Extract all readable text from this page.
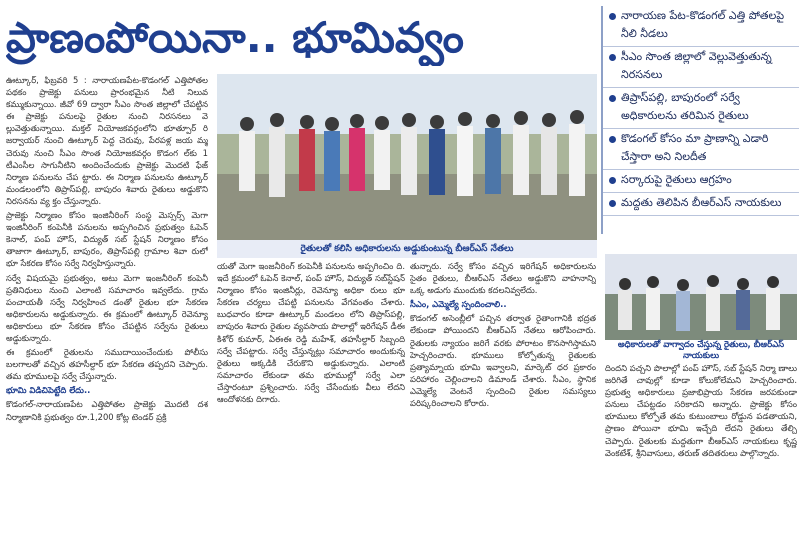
ప్రాణంపోయినా.. భూమివ్వం

ఊట్కూర్, ఫిబ్రవరి 5 : నారాయణపేట-కొడంగల్ ఎత్తిపోతల పథకం ప్రాజెక్టు పనులు ప్రారంభమైన నీటి నిలువ కమ్ముకున్నాయి. జీవో 69 ద్వారా సీఎం సొంత జిల్లాలో చేపట్టిన ఈ ప్రాజెక్టు పనులపై రైతుల నుంచి నిరసనలు వె ల్లువెత్తుతున్నాయి. మక్తల్ నియోజకవర్గంలోని భూత్పూర్ రి జర్వాయర్ నుంచి ఊట్కూర్ పెద్ద చెరువు, పేరపళ్ల జయ మ్మ చెరువు నుంచి సీఎం సొంత నియోజకవర్గం కొడంగ ల్‌కు 1 టీఎంసీల సాగునీటిని అందించేందుకు ప్రాజెక్టు మొదటి ఫేజ్ నిర్మాణ పనులను చేప ట్టారు. ఈ నిర్మాణ పనులను ఊట్కూర్ మండలంలోని తిప్రాస్‌పల్లి, బాపురం శివారు రైతులు అడ్డుకొని నిరసనను వ్య క్తం చేస్తున్నారు.

ప్రాజెక్టు నిర్మాణం కోసం ఇంజినీరింగ్ సంస్థ మెస్సర్స్ మెగా ఇంజినీరింగ్ కంపెనీకి పనులను అప్పగించిన ప్రభుత్వం ఓపెన్ కెనాల్, పంప్ హౌస్, విద్యుత్ సబ్ స్టేషన్ నిర్మాణం కోసం తాజాగా ఊట్కూర్, బాపురం, తిప్రాస్‌పల్లి గ్రామాల శివా రులో భూ సేకరణ కోసం సర్వే నిర్వహిస్తున్నారు.

సర్వే విషయమై ప్రభుత్వం, అటు మెగా ఇంజనీరింగ్ కంపెనీ ప్రతినిధులు నుంచి ఎలాంటి సమాచారం ఇవ్వలేదు. గ్రామ పంచాయతీ సర్వే నిర్వహించ డంతో రైతుల భూ సేకరణ అధికారులను అడ్డుకున్నారు. ఈ క్రమంలో ఊట్కూర్ రెవెన్యూ అధికారులు భూ సేకరణ కోసం చేపట్టిన సర్వేను రైతులు అడ్డుకున్నారు.

ఈ క్రమంలో రైతులను సముదాయించేందుకు పోలీసు బలగాలతో వచ్చిన తహసీల్దార్ భూ సేకరణ తప్పదని చెప్పారు. తమ భూములపై సర్వే చేస్తున్నారు.

భూమి విడిచిపెట్టేది లేదు..

కొడంగల్-నారాయణపేట ఎత్తిపోతల ప్రాజెక్టు మొదటి దశ నిర్మాణానికి ప్రభుత్వం రూ.1,200 కోట్ల టెండర్ ప్రక్రి

రైతులతో కలిసి అధికారులను అడ్డుకుంటున్న బీఆర్‌ఎస్ నేతలు

యతో మెగా ఇంజనీరింగ్ కంపెనీకి పనులను అప్పగించిం ది. ఇదే క్రమంలో ఓపెన్ కెనాల్, పంప్ హౌస్, విద్యుత్ సబ్‌స్టేషన్ నిర్మాణం కోసం ఇంజినీర్లు, రెవెన్యూ అధికా రులు భూ సేకరణ చర్యలు చేపట్టి పనులను వేగవంతం చేశారు. బుధవారం కూడా ఊట్కూర్ మండలం లోని తిప్రాస్‌పల్లి, బాపురం శివారు రైతుల వ్యవసాయ పొలాల్లో ఇరిగేషన్ డీఈ కిశోర్ కుమార్, ఏఈఈ రెడ్డి మహేశ్, తహసీల్దార్ సిబ్బంది సర్వే చేపట్టారు. సర్వే చేస్తున్నట్లు సమాచారం అందుకున్న రైతులు అక్కడికి చేరుకొని అడ్డుకున్నారు. ఎలాంటి సమాచారం లేకుండా తమ భూముల్లో సర్వే ఎలా చేస్తారంటూ ప్రశ్నించారు. సర్వే చేసేందుకు వీలు లేదని ఆందోళనకు దిగారు.

తున్నారు. సర్వే కోసం వచ్చిన ఇరిగేషన్ అధికారులను సైతం రైతులు, బీఆర్ఎస్ నేతలు అడ్డుకొని వాహనాన్ని ఒక్క అడుగు ముందుకు కదలనివ్వలేదు.

సీఎం, ఎమ్మెల్యే స్పందించాలి..

కొడంగల్ అసెంబ్లీలో పచ్చిన తర్వాత రైతాంగానికి భద్రత లేకుండా పోయిందని బీఆర్ఎస్ నేతలు ఆరోపించారు. రైతులకు న్యాయం జరిగే వరకు పోరాటం కొనసాగిస్తామని హెచ్చరించారు. భూములు కోల్పోతున్న రైతులకు ప్రత్యామ్నాయ భూమి ఇవ్వాలని, మార్కెట్ ధర ప్రకారం పరిహారం చెల్లించాలని డిమాండ్ చేశారు. సీఎం, స్థానిక ఎమ్మెల్యే వెంటనే స్పందించి రైతుల సమస్యలు పరిష్కరించాలని కోరారు.

నారాయణ పేట-కొడంగల్ ఎత్తి పోతలపై నీలి నీడలు
సీఎం సొంత జిల్లాలో వెల్లువెత్తుతున్న నిరసనలు
తిప్రాస్‌పల్లి, బాపురంలో సర్వే అధికారులను తరిమిన రైతులు
కొడంగల్ కోసం మా ప్రాణాన్ని ఎడారి చేస్తారా అని నిలదీత
సర్కారుపై రైతులు ఆగ్రహం
మద్దతు తెలిపిన బీఆర్ఎస్ నాయకులు
అధికారులతో వాగ్వాదం చేస్తున్న రైతులు, బీఆర్ఎస్ నాయకులు

దిందని పచ్చని పొలాల్లో పంప్ హౌస్, సబ్ స్టేషన్ నిర్మా ణాలు జరిగితే చావుల్లో కూడా కోలుకోలేమని హెచ్చరించారు. ప్రభుత్వ అధికారులు ప్రజాభిప్రాయ సేకరణ జరపకుండా పనులు చేపట్టడం సరికాదని అన్నారు. ప్రాజెక్టు కోసం భూములు కోల్పోతే తమ కుటుంబాలు రోడ్డున పడతాయని, ప్రాణం పోయినా భూమి ఇచ్చేది లేదని రైతులు తేల్చి చెప్పారు. రైతులకు మద్దతుగా బీఆర్ఎస్ నాయకులు కృష్ణ వెంకటేశ్, శ్రీనివాసులు, తరుణ్ తదితరులు పాల్గొన్నారు.
